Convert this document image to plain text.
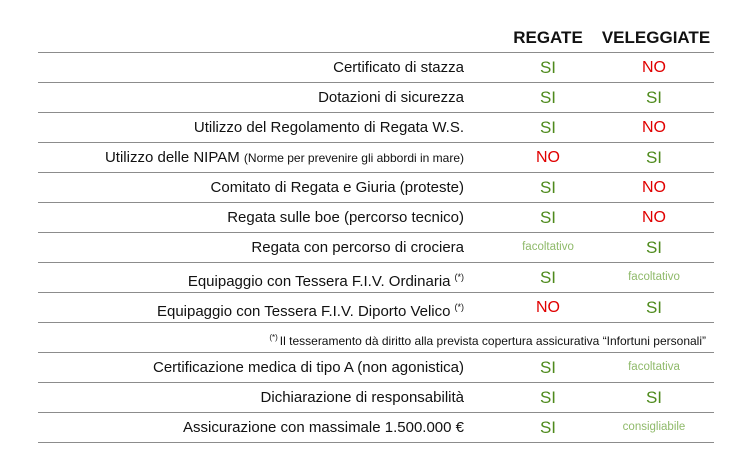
REGATE	VELEGGIATE
Certificato di stazza	SI	NO
Dotazioni di sicurezza	SI	SI
Utilizzo del Regolamento di Regata W.S.	SI	NO
Utilizzo delle NIPAM (Norme per prevenire gli abbordi in mare)	NO	SI
Comitato di Regata e Giuria (proteste)	SI	NO
Regata sulle boe (percorso tecnico)	SI	NO
Regata con percorso di crociera	facoltativo	SI
Equipaggio con Tessera F.I.V. Ordinaria (*)	SI	facoltativo
Equipaggio con Tessera F.I.V. Diporto Velico (*)	NO	SI
(*) Il tesseramento dà diritto alla prevista copertura assicurativa “Infortuni personali”
Certificazione medica di tipo A (non agonistica)	SI	facoltativa
Dichiarazione di responsabilità	SI	SI
Assicurazione con massimale 1.500.000 €	SI	consigliabile
